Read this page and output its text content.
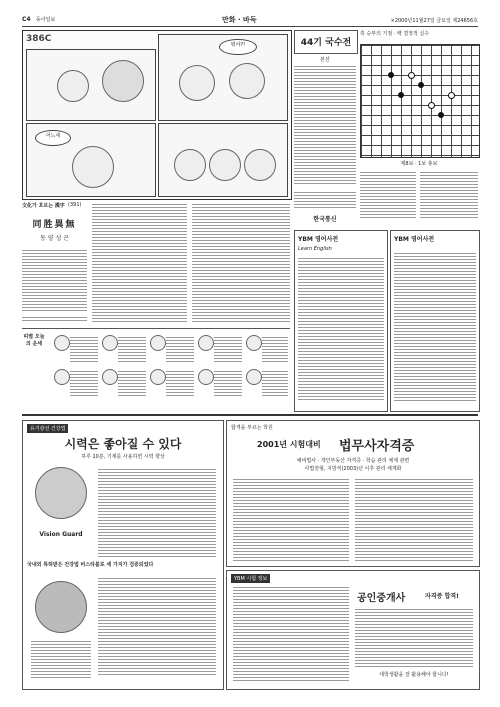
C4 동아일보	만화 · 바둑	×2000년11월27일 금요일 제24656호
386C
뭐야?!
어느새
文化가 흐르는 漢字 (391)
同胜異無
동 양 성 곤
띠별 오늘의 운세
44기 국수전
본선
흑 승부의 기점 · 백 결정적 실수
제8보 · 1보 총보
한국통신
YBM 영어사전
Learn English
YBM 영어사전
유기광선 건강법
시력은 좋아질 수 있다
하루 10분, 기계를 사용하면 시력 향상
Vision Guard
국내외 특허받은 건강법 비스타블로 세 가지가 검증되었다
합격을 부르는 학원
2001년 시험대비 법무사자격증
예비법사 · 개인부동산 자격증 · 학습 관리 체계 관련
사법전형, 지방직(2003)년 이후 관리 체계화
YBM 시험 정보
공인중개사	자격증 합격!
대학생활을 잘 활용해야 합니다!
